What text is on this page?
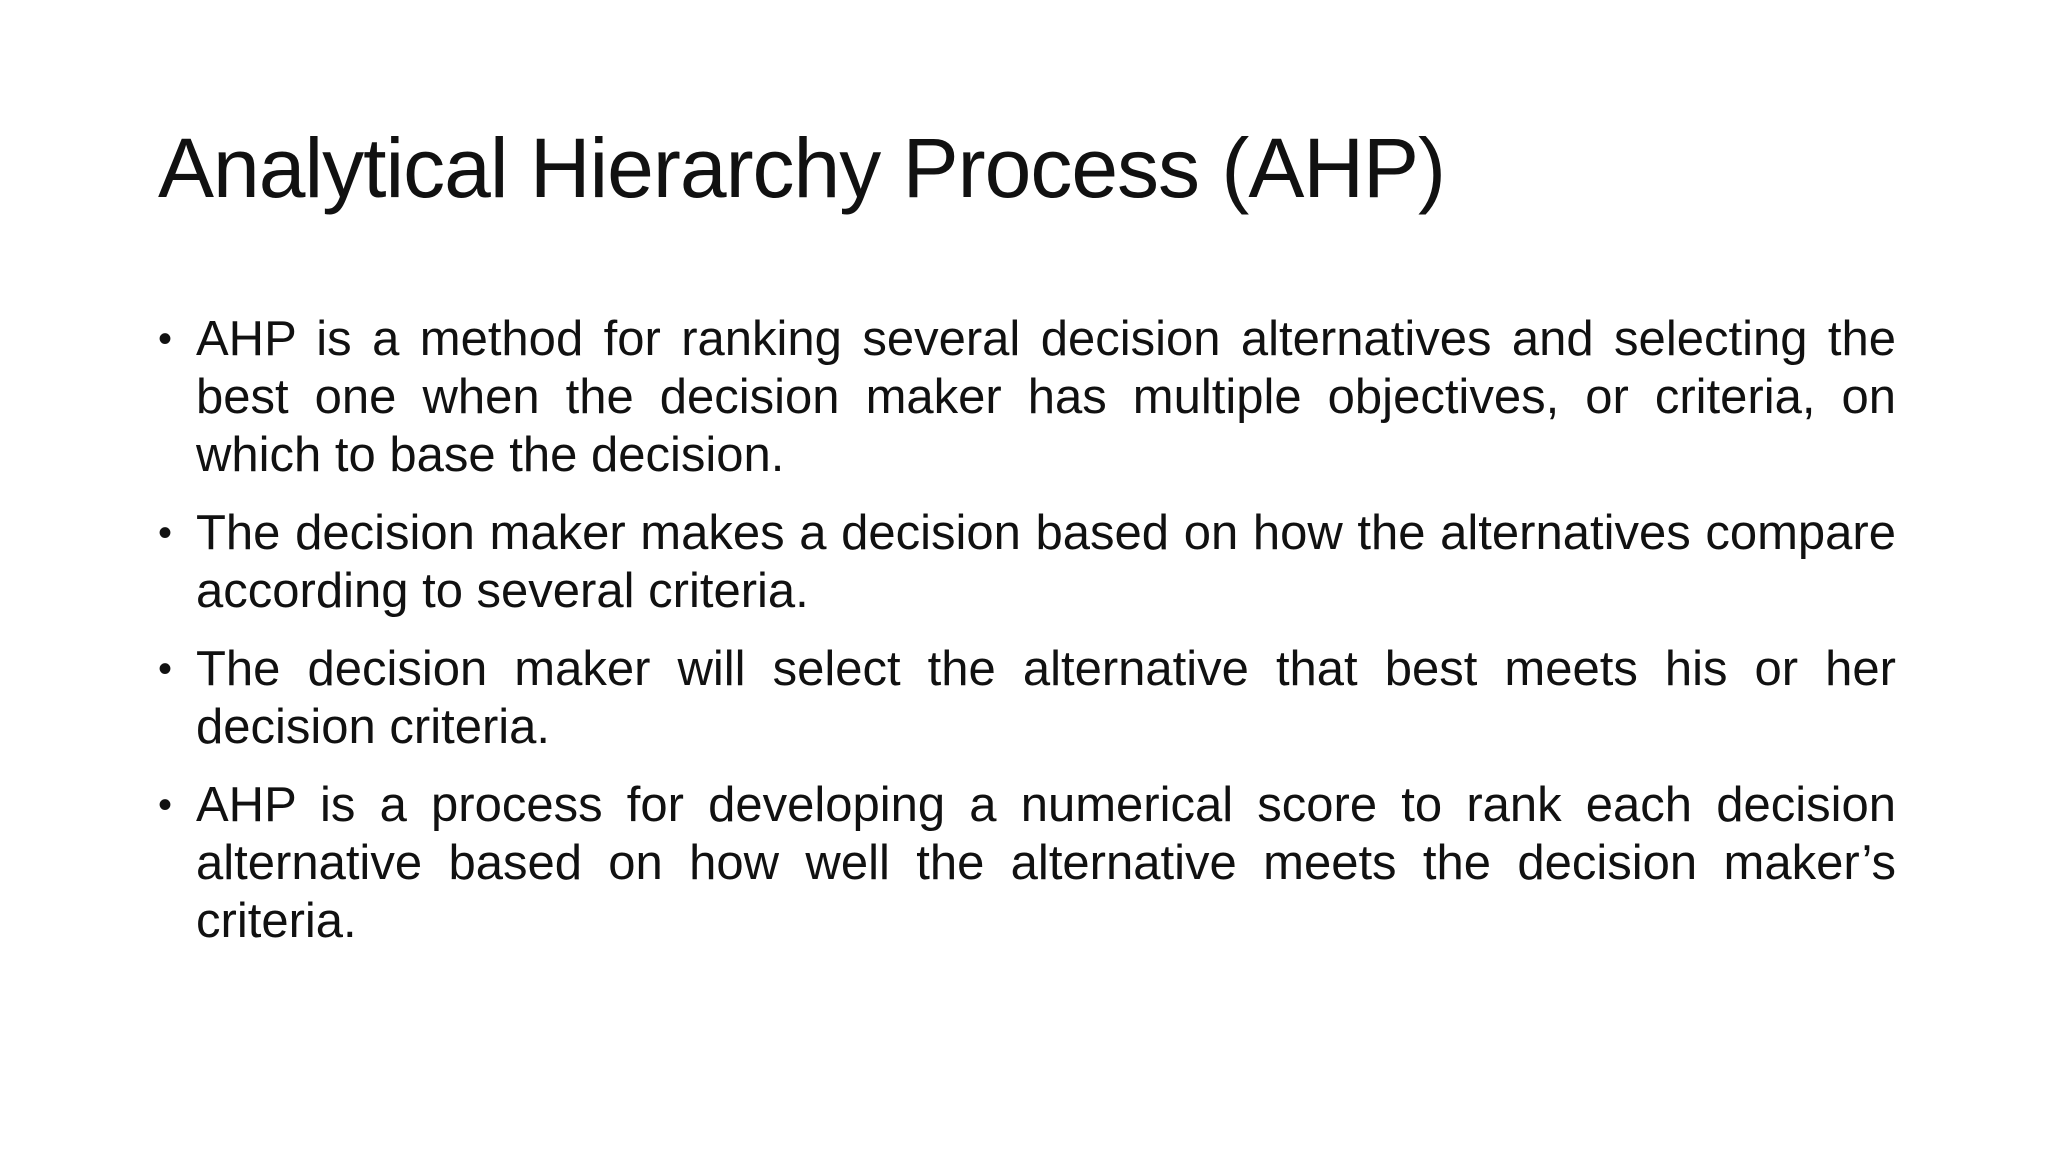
Analytical Hierarchy Process (AHP)
• AHP is a method for ranking several decision alternatives and selecting the best one when the decision maker has multiple objectives, or criteria, on which to base the decision.
• The decision maker makes a decision based on how the alternatives compare according to several criteria.
• The decision maker will select the alternative that best meets his or her decision criteria.
• AHP is a process for developing a numerical score to rank each decision alternative based on how well the alternative meets the decision maker’s criteria.
